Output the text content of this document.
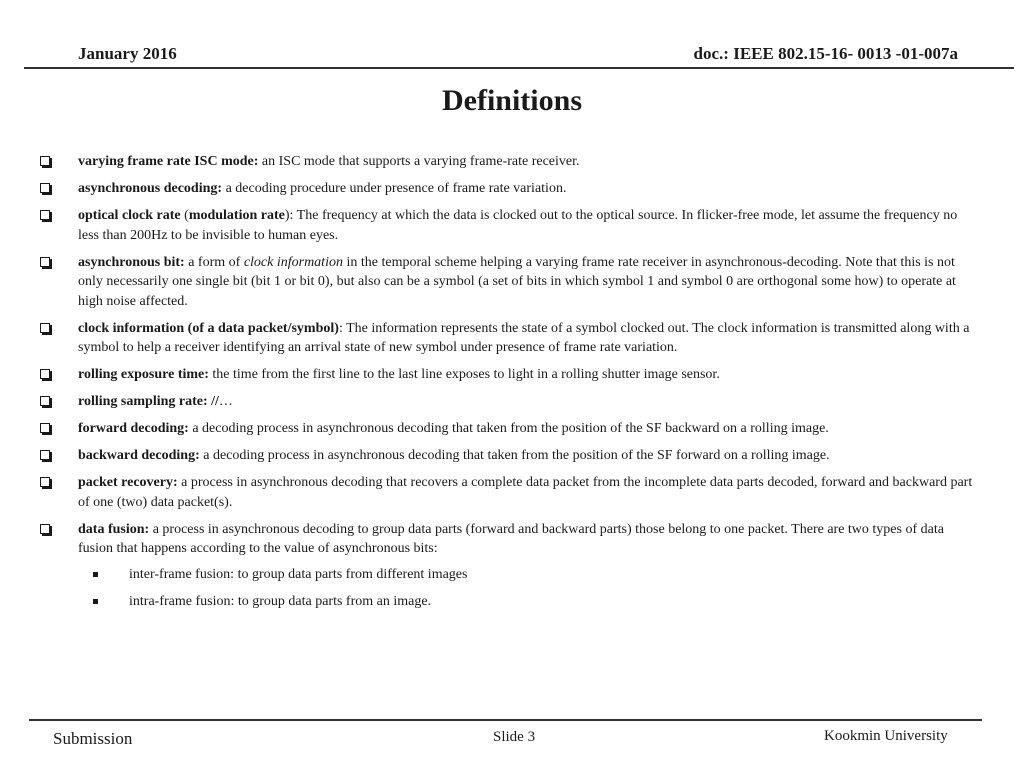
January 2016	doc.: IEEE 802.15-16- 0013 -01-007a
Definitions
varying frame rate ISC mode: an ISC mode that supports a varying frame-rate receiver.
asynchronous decoding: a decoding procedure under presence of frame rate variation.
optical clock rate (modulation rate): The frequency at which the data is clocked out to the optical source. In flicker-free mode, let assume the frequency no less than 200Hz to be invisible to human eyes.
asynchronous bit: a form of clock information in the temporal scheme helping a varying frame rate receiver in asynchronous-decoding. Note that this is not only necessarily one single bit (bit 1 or bit 0), but also can be a symbol (a set of bits in which symbol 1 and symbol 0 are orthogonal some how) to operate at high noise affected.
clock information (of a data packet/symbol): The information represents the state of a symbol clocked out. The clock information is transmitted along with a symbol to help a receiver identifying an arrival state of new symbol under presence of frame rate variation.
rolling exposure time: the time from the first line to the last line exposes to light in a rolling shutter image sensor.
rolling sampling rate: //…
forward decoding: a decoding process in asynchronous decoding that taken from the position of the SF backward on a rolling image.
backward decoding: a decoding process in asynchronous decoding that taken from the position of the SF forward on a rolling image.
packet recovery: a process in asynchronous decoding that recovers a complete data packet from the incomplete data parts decoded, forward and backward part of one (two) data packet(s).
data fusion: a process in asynchronous decoding to group data parts (forward and backward parts) those belong to one packet. There are two types of data fusion that happens according to the value of asynchronous bits:
inter-frame fusion: to group data parts from different images
intra-frame fusion: to group data parts from an image.
Submission	Slide 3	Kookmin University
